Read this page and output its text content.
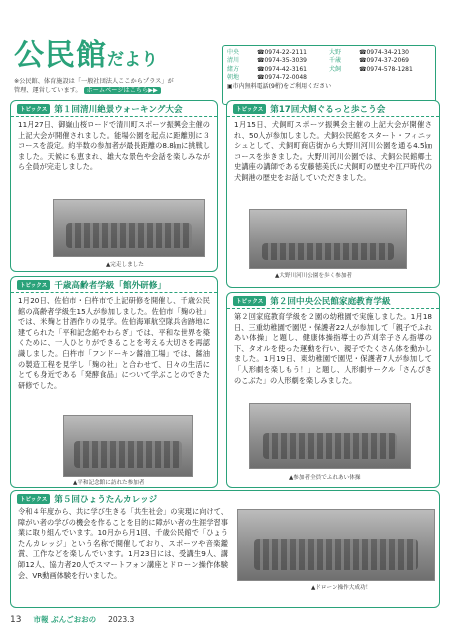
公民館だより
※公民館、体育施設は「一般社団法人ここからプラス」が
管理、運営しています。 ホームページはこちら▶▶
中央	☎0974-22-2111	大野	☎0974-34-2130
清川	☎0974-35-3039	千歳	☎0974-37-2069
緒方	☎0974-42-3161	犬飼	☎0974-578-1281
朝地	☎0974-72-0048
▣市内無料電話(9桁)をご利用ください
トピックス 第１回清川絶景ウォーキング大会
11月27日、御嶽山桜ロードで清川町スポーツ振興会主催の上記大会が開催されました。能場公園を起点に距離別に３コースを設定。約半数の参加者が最長距離の8.8㎞に挑戦しました。天候にも恵まれ、雄大な景色や会話を楽しみながら全員が完走しました。
▲完走しました
トピックス 第17回犬飼ぐるっと歩こう会
1月15日、犬飼町スポーツ振興会主催の上記大会が開催され、50人が参加しました。犬飼公民館をスタート・フィニッシュとして、犬飼町商店街から大野川河川公園を通る4.5㎞コースを歩きました。大野川河川公園では、犬飼公民館郷土史講座の講師である安藤徳美氏に犬飼町の歴史や江戸時代の犬飼港の歴史をお話していただきました。
▲大野川河川公園を歩く参加者
トピックス 千歳高齢者学級「館外研修」
1月20日、佐伯市・臼杵市で上記研修を開催し、千歳公民館の高齢者学級生15人が参加しました。佐伯市「麹の社」では、米麹と甘酒作りの見学。佐伯海軍航空隊兵舎跡地に建てられた「平和記念館やわらぎ」では、平和な世界を築くために、一人ひとりができることを考える大切さを再認識しました。臼杵市「フンドーキン醤油工場」では、醤油の製造工程を見学し「麹の社」と合わせて、日々の生活にとても身近である「発酵食品」について学ぶことのできた研修でした。
▲平和記念館に訪れた参加者
トピックス 第２回中央公民館家庭教育学級
第２回家庭教育学級を２園の幼稚園で実施しました。1月18日、三重幼稚園で園児・保護者22人が参加して「親子でふれあい体操」と題し、健康体操指導士の芦刈幸子さん指導の下、タオルを使った運動を行い、親子でたくさん体を動かしました。1月19日、東幼稚園で園児・保護者7人が参加して「人形劇を楽しもう！」と題し、人形劇サークル「さんぴきのこぶた」の人形劇を楽しみました。
▲参加者全員でふれあい体操
トピックス 第５回ひょうたんカレッジ
令和４年度から、共に学び生きる「共生社会」の実現に向けて、障がい者の学びの機会を作ることを目的に障がい者の生涯学習事業に取り組んでいます。10月から月1回、千歳公民館で「ひょうたんカレッジ」という名称で開催しており、スポーツや音楽鑑賞、工作などを楽しんでいます。1月23日には、受講生9人、講師12人、協力者20人でスマートフォン講座とドローン操作体験会、VR動画体験を行いました。
▲ドローン操作大成功！
13 市報 ぶんごおおの 2023.3
